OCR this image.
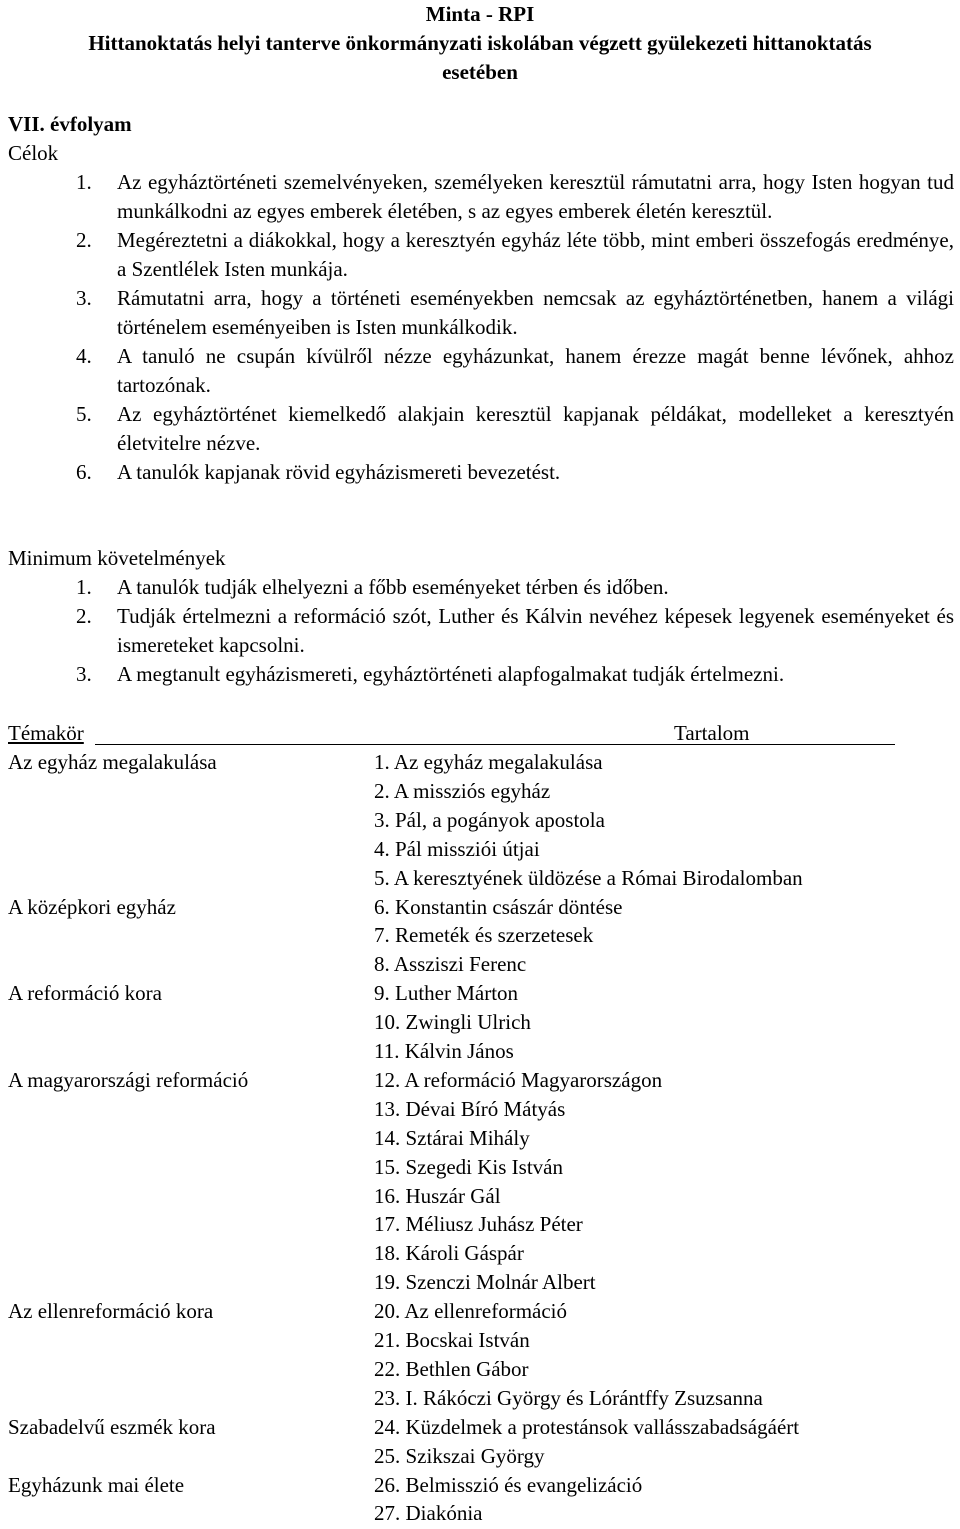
Minta - RPI
Hittanoktatás helyi tanterve önkormányzati iskolában végzett gyülekezeti hittanoktatás
esetében
VII. évfolyam
Célok
1. Az egyháztörténeti szemelvényeken, személyeken keresztül rámutatni arra, hogy Isten hogyan tud munkálkodni az egyes emberek életében, s az egyes emberek életén keresztül.
2. Megéreztetni a diákokkal, hogy a keresztyén egyház léte több, mint emberi összefogás eredménye, a Szentlélek Isten munkája.
3. Rámutatni arra, hogy a történeti eseményekben nemcsak az egyháztörténetben, hanem a világi történelem eseményeiben is Isten munkálkodik.
4. A tanuló ne csupán kívülről nézze egyházunkat, hanem érezze magát benne lévőnek, ahhoz tartozónak.
5. Az egyháztörténet kiemelkedő alakjain keresztül kapjanak példákat, modelleket a keresztyén életvitelre nézve.
6. A tanulók kapjanak rövid egyházismereti bevezetést.
Minimum követelmények
1. A tanulók tudják elhelyezni a főbb eseményeket térben és időben.
2. Tudják értelmezni a reformáció szót, Luther és Kálvin nevéhez képesek legyenek eseményeket és ismereteket kapcsolni.
3. A megtanult egyházismereti, egyháztörténeti alapfogalmakat tudják értelmezni.
Témakör	Tartalom
Az egyház megalakulása	1. Az egyház megalakulása
2. A missziós egyház
3. Pál, a pogányok apostola
4. Pál missziói útjai
5. A keresztyének üldözése a Római Birodalomban
A középkori egyház	6. Konstantin császár döntése
7. Remeték és szerzetesek
8. Assziszi Ferenc
A reformáció kora	9. Luther Márton
10. Zwingli Ulrich
11. Kálvin János
A magyarországi reformáció	12. A reformáció Magyarországon
13. Dévai Bíró Mátyás
14. Sztárai Mihály
15. Szegedi Kis István
16. Huszár Gál
17. Méliusz Juhász Péter
18. Károli Gáspár
19. Szenczi Molnár Albert
Az ellenreformáció kora	20. Az ellenreformáció
21. Bocskai István
22. Bethlen Gábor
23. I. Rákóczi György és Lórántffy Zsuzsanna
Szabadelvű eszmék kora	24. Küzdelmek a protestánsok vallásszabadságáért
25. Szikszai György
Egyházunk mai élete	26. Belmisszió és evangelizáció
27. Diakónia
